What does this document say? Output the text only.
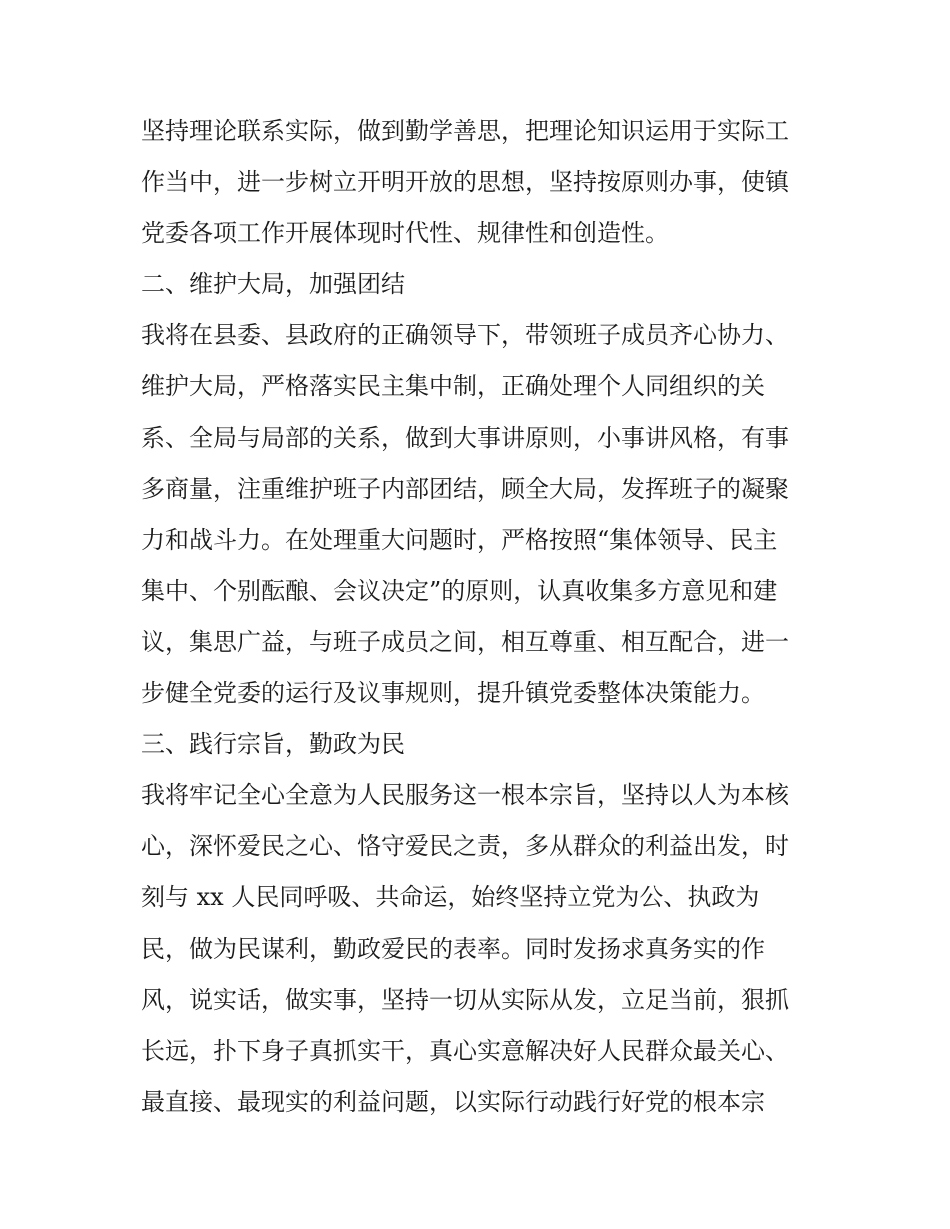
坚持理论联系实际，做到勤学善思，把理论知识运用于实际工
作当中，进一步树立开明开放的思想，坚持按原则办事，使镇
党委各项工作开展体现时代性、规律性和创造性。
二、维护大局，加强团结
我将在县委、县政府的正确领导下，带领班子成员齐心协力、
维护大局，严格落实民主集中制，正确处理个人同组织的关
系、全局与局部的关系，做到大事讲原则，小事讲风格，有事
多商量，注重维护班子内部团结，顾全大局，发挥班子的凝聚
力和战斗力。在处理重大问题时，严格按照“集体领导、民主
集中、个别酝酿、会议决定”的原则，认真收集多方意见和建
议，集思广益，与班子成员之间，相互尊重、相互配合，进一
步健全党委的运行及议事规则，提升镇党委整体决策能力。
三、践行宗旨，勤政为民
我将牢记全心全意为人民服务这一根本宗旨，坚持以人为本核
心，深怀爱民之心、恪守爱民之责，多从群众的利益出发，时
刻与 xx 人民同呼吸、共命运，始终坚持立党为公、执政为
民，做为民谋利，勤政爱民的表率。同时发扬求真务实的作
风，说实话，做实事，坚持一切从实际从发，立足当前，狠抓
长远，扑下身子真抓实干，真心实意解决好人民群众最关心、
最直接、最现实的利益问题，以实际行动践行好党的根本宗
